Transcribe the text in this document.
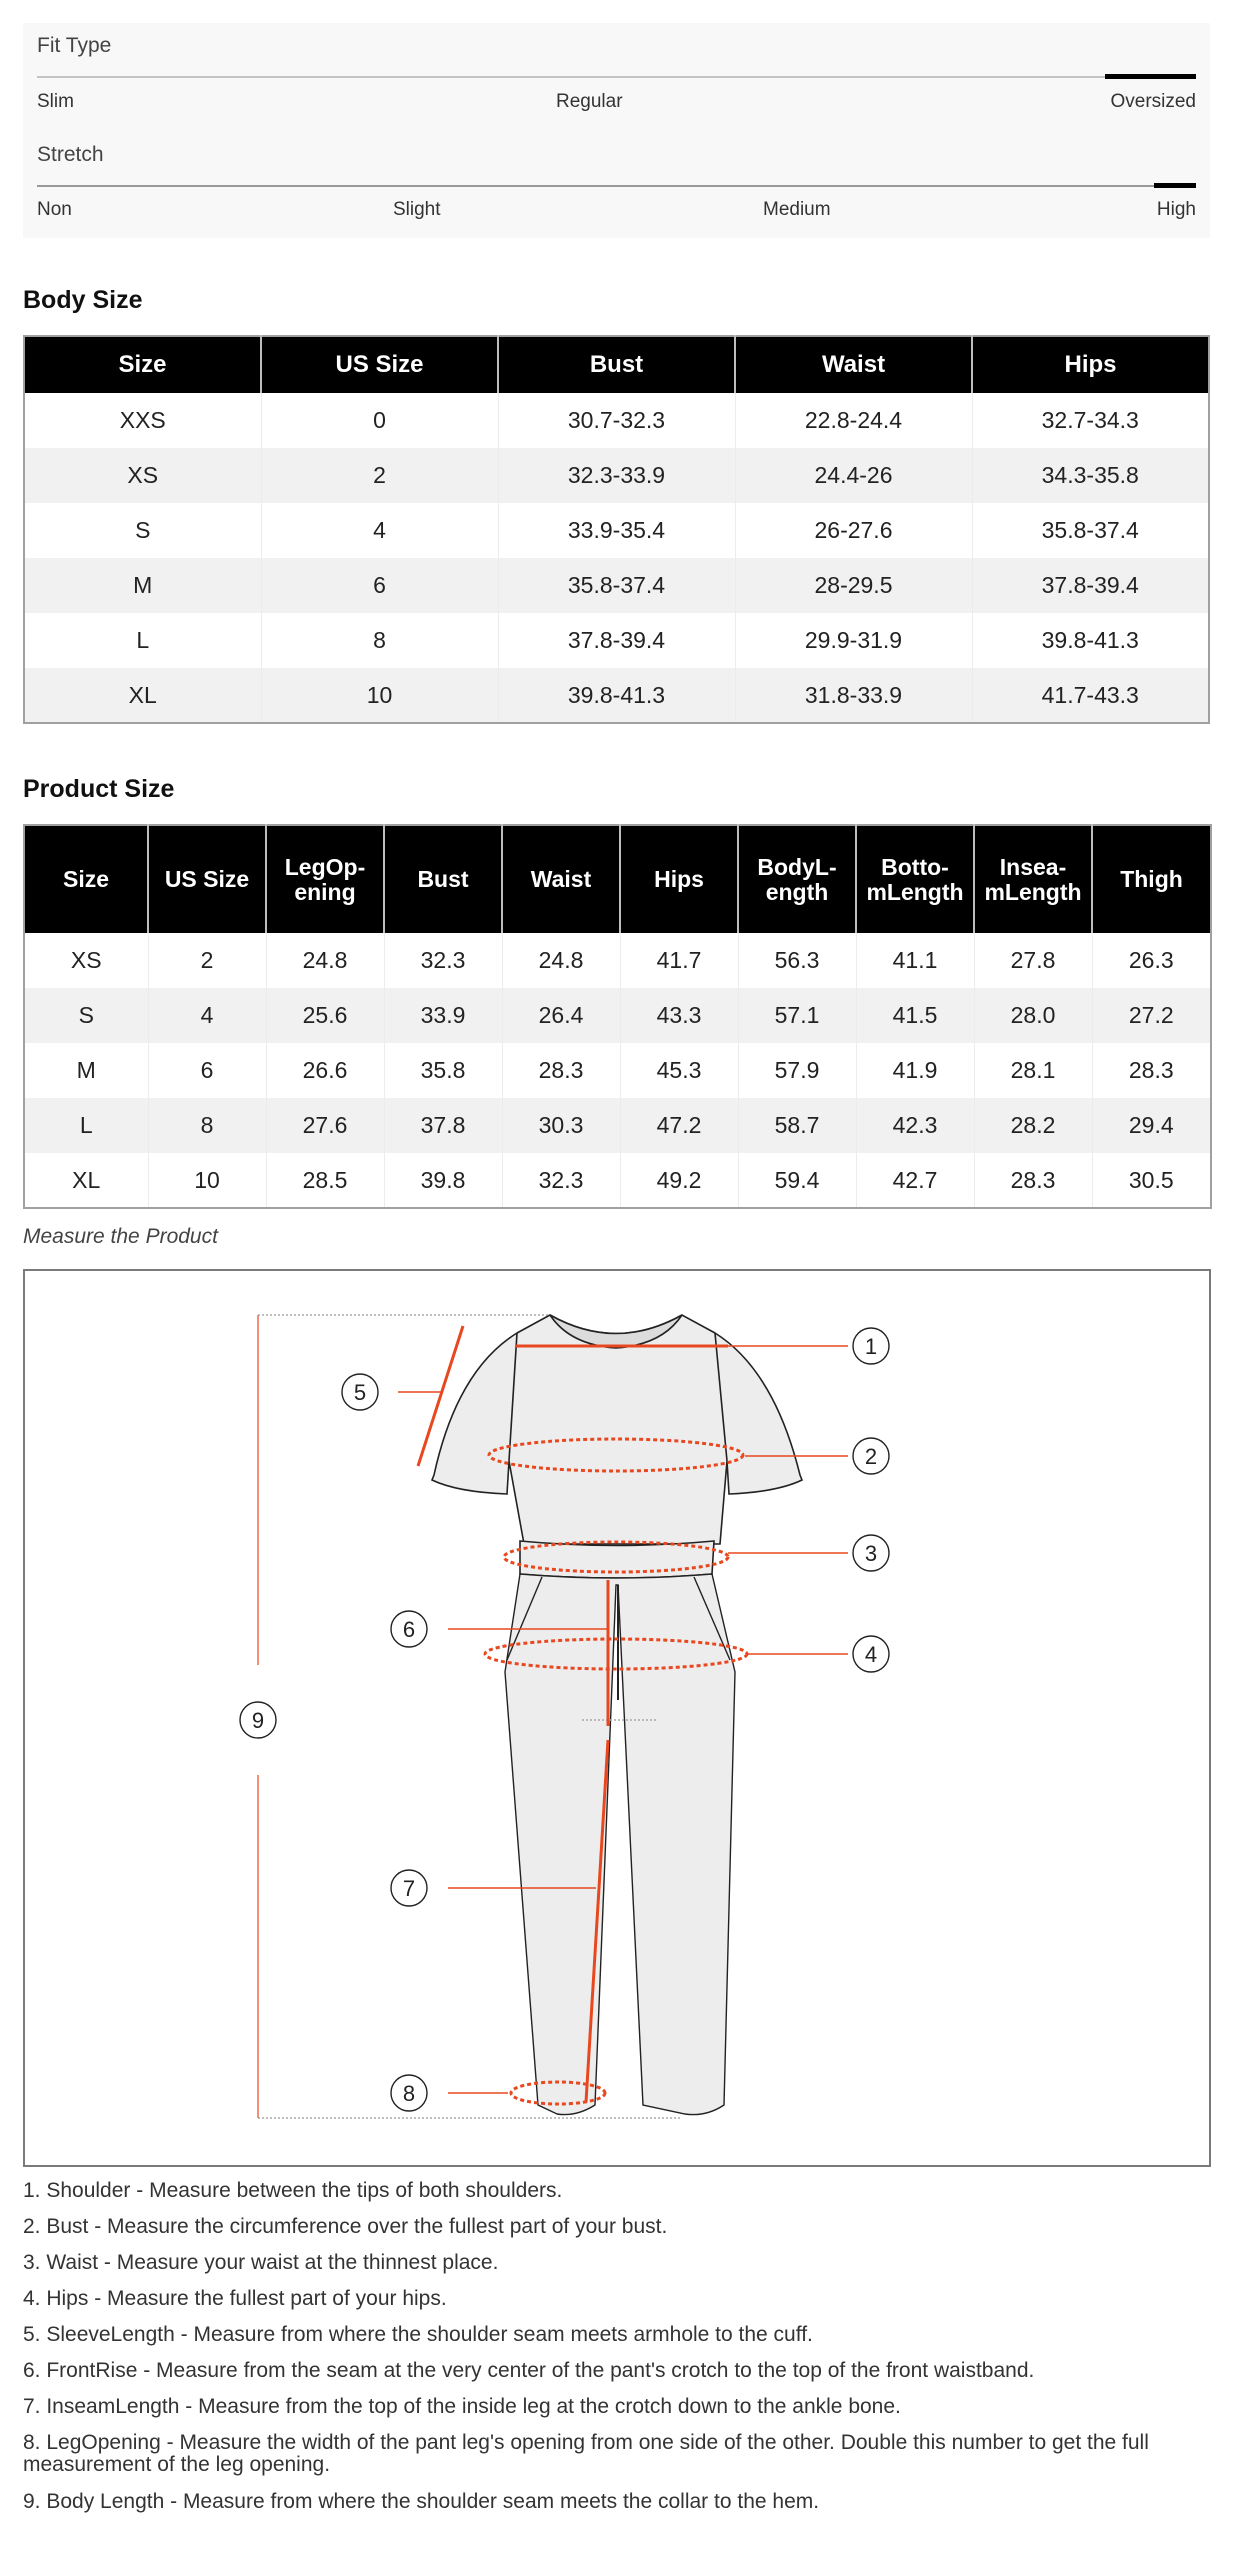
Fit Type
Slim	Regular	Oversized
Stretch
Non	Slight	Medium	High
Body Size
Size	US Size	Bust	Waist	Hips
XXS	0	30.7-32.3	22.8-24.4	32.7-34.3
XS	2	32.3-33.9	24.4-26	34.3-35.8
S	4	33.9-35.4	26-27.6	35.8-37.4
M	6	35.8-37.4	28-29.5	37.8-39.4
L	8	37.8-39.4	29.9-31.9	39.8-41.3
XL	10	39.8-41.3	31.8-33.9	41.7-43.3
Product Size
Size	US Size	LegOpening	Bust	Waist	Hips	BodyLength	BottomLength	InseamLength	Thigh
XS	2	24.8	32.3	24.8	41.7	56.3	41.1	27.8	26.3
S	4	25.6	33.9	26.4	43.3	57.1	41.5	28.0	27.2
M	6	26.6	35.8	28.3	45.3	57.9	41.9	28.1	28.3
L	8	27.6	37.8	30.3	47.2	58.7	42.3	28.2	29.4
XL	10	28.5	39.8	32.3	49.2	59.4	42.7	28.3	30.5
Measure the Product
1
2
3
4
5
6
7
8
9
1. Shoulder - Measure between the tips of both shoulders.
2. Bust - Measure the circumference over the fullest part of your bust.
3. Waist - Measure your waist at the thinnest place.
4. Hips - Measure the fullest part of your hips.
5. SleeveLength - Measure from where the shoulder seam meets armhole to the cuff.
6. FrontRise - Measure from the seam at the very center of the pant's crotch to the top of the front waistband.
7. InseamLength - Measure from the top of the inside leg at the crotch down to the ankle bone.
8. LegOpening - Measure the width of the pant leg's opening from one side of the other. Double this number to get the full measurement of the leg opening.
9. Body Length - Measure from where the shoulder seam meets the collar to the hem.
